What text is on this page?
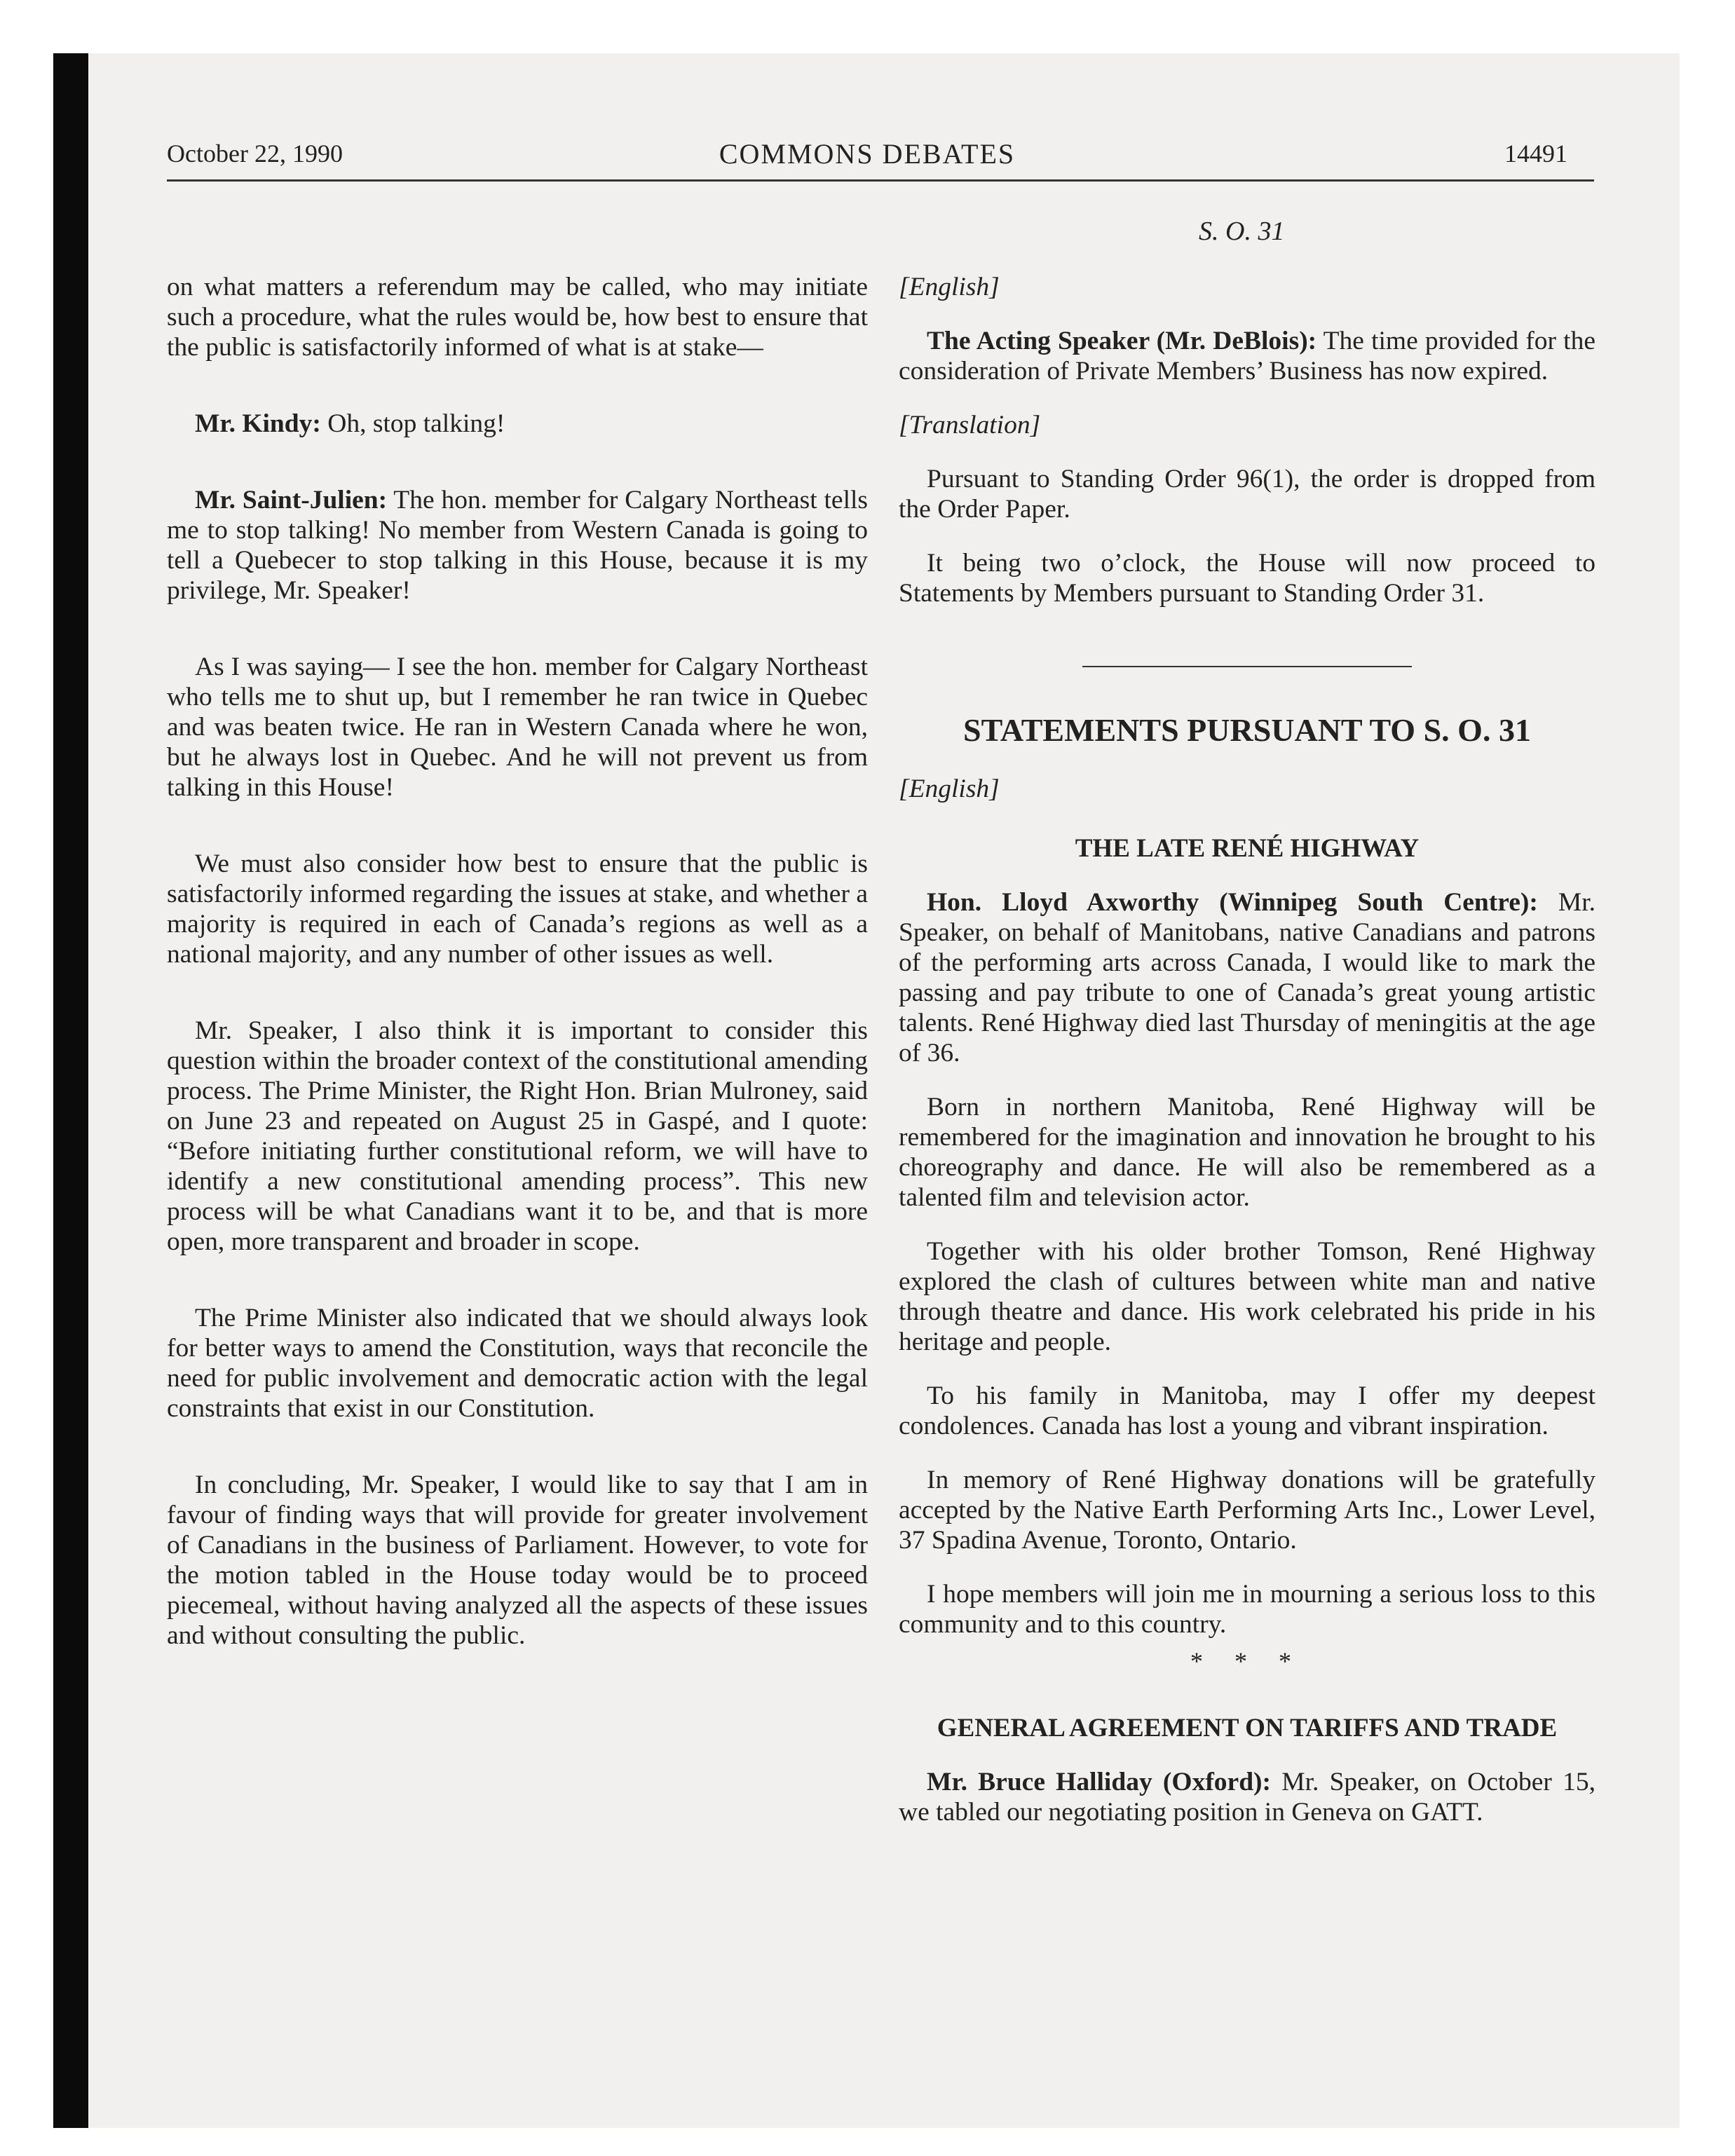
October 22, 1990	COMMONS DEBATES	14491
S. O. 31

on what matters a referendum may be called, who may initiate such a procedure, what the rules would be, how best to ensure that the public is satisfactorily informed of what is at stake—

Mr. Kindy: Oh, stop talking!

Mr. Saint-Julien: The hon. member for Calgary Northeast tells me to stop talking! No member from Western Canada is going to tell a Quebecer to stop talking in this House, because it is my privilege, Mr. Speaker!

As I was saying— I see the hon. member for Calgary Northeast who tells me to shut up, but I remember he ran twice in Quebec and was beaten twice. He ran in Western Canada where he won, but he always lost in Quebec. And he will not prevent us from talking in this House!

We must also consider how best to ensure that the public is satisfactorily informed regarding the issues at stake, and whether a majority is required in each of Canada’s regions as well as a national majority, and any number of other issues as well.

Mr. Speaker, I also think it is important to consider this question within the broader context of the constitutional amending process. The Prime Minister, the Right Hon. Brian Mulroney, said on June 23 and repeated on August 25 in Gaspé, and I quote: “Before initiating further constitutional reform, we will have to identify a new constitutional amending process”. This new process will be what Canadians want it to be, and that is more open, more transparent and broader in scope.

The Prime Minister also indicated that we should always look for better ways to amend the Constitution, ways that reconcile the need for public involvement and democratic action with the legal constraints that exist in our Constitution.

In concluding, Mr. Speaker, I would like to say that I am in favour of finding ways that will provide for greater involvement of Canadians in the business of Parliament. However, to vote for the motion tabled in the House today would be to proceed piecemeal, without having analyzed all the aspects of these issues and without consulting the public.

[English]

The Acting Speaker (Mr. DeBlois): The time provided for the consideration of Private Members’ Business has now expired.

[Translation]

Pursuant to Standing Order 96(1), the order is dropped from the Order Paper.

It being two o’clock, the House will now proceed to Statements by Members pursuant to Standing Order 31.

STATEMENTS PURSUANT TO S. O. 31

[English]

THE LATE RENÉ HIGHWAY

Hon. Lloyd Axworthy (Winnipeg South Centre): Mr. Speaker, on behalf of Manitobans, native Canadians and patrons of the performing arts across Canada, I would like to mark the passing and pay tribute to one of Canada’s great young artistic talents. René Highway died last Thursday of meningitis at the age of 36.

Born in northern Manitoba, René Highway will be remembered for the imagination and innovation he brought to his choreography and dance. He will also be remembered as a talented film and television actor.

Together with his older brother Tomson, René Highway explored the clash of cultures between white man and native through theatre and dance. His work celebrated his pride in his heritage and people.

To his family in Manitoba, may I offer my deepest condolences. Canada has lost a young and vibrant inspiration.

In memory of René Highway donations will be gratefully accepted by the Native Earth Performing Arts Inc., Lower Level, 37 Spadina Avenue, Toronto, Ontario.

I hope members will join me in mourning a serious loss to this community and to this country.

* * *

GENERAL AGREEMENT ON TARIFFS AND TRADE

Mr. Bruce Halliday (Oxford): Mr. Speaker, on October 15, we tabled our negotiating position in Geneva on GATT.
